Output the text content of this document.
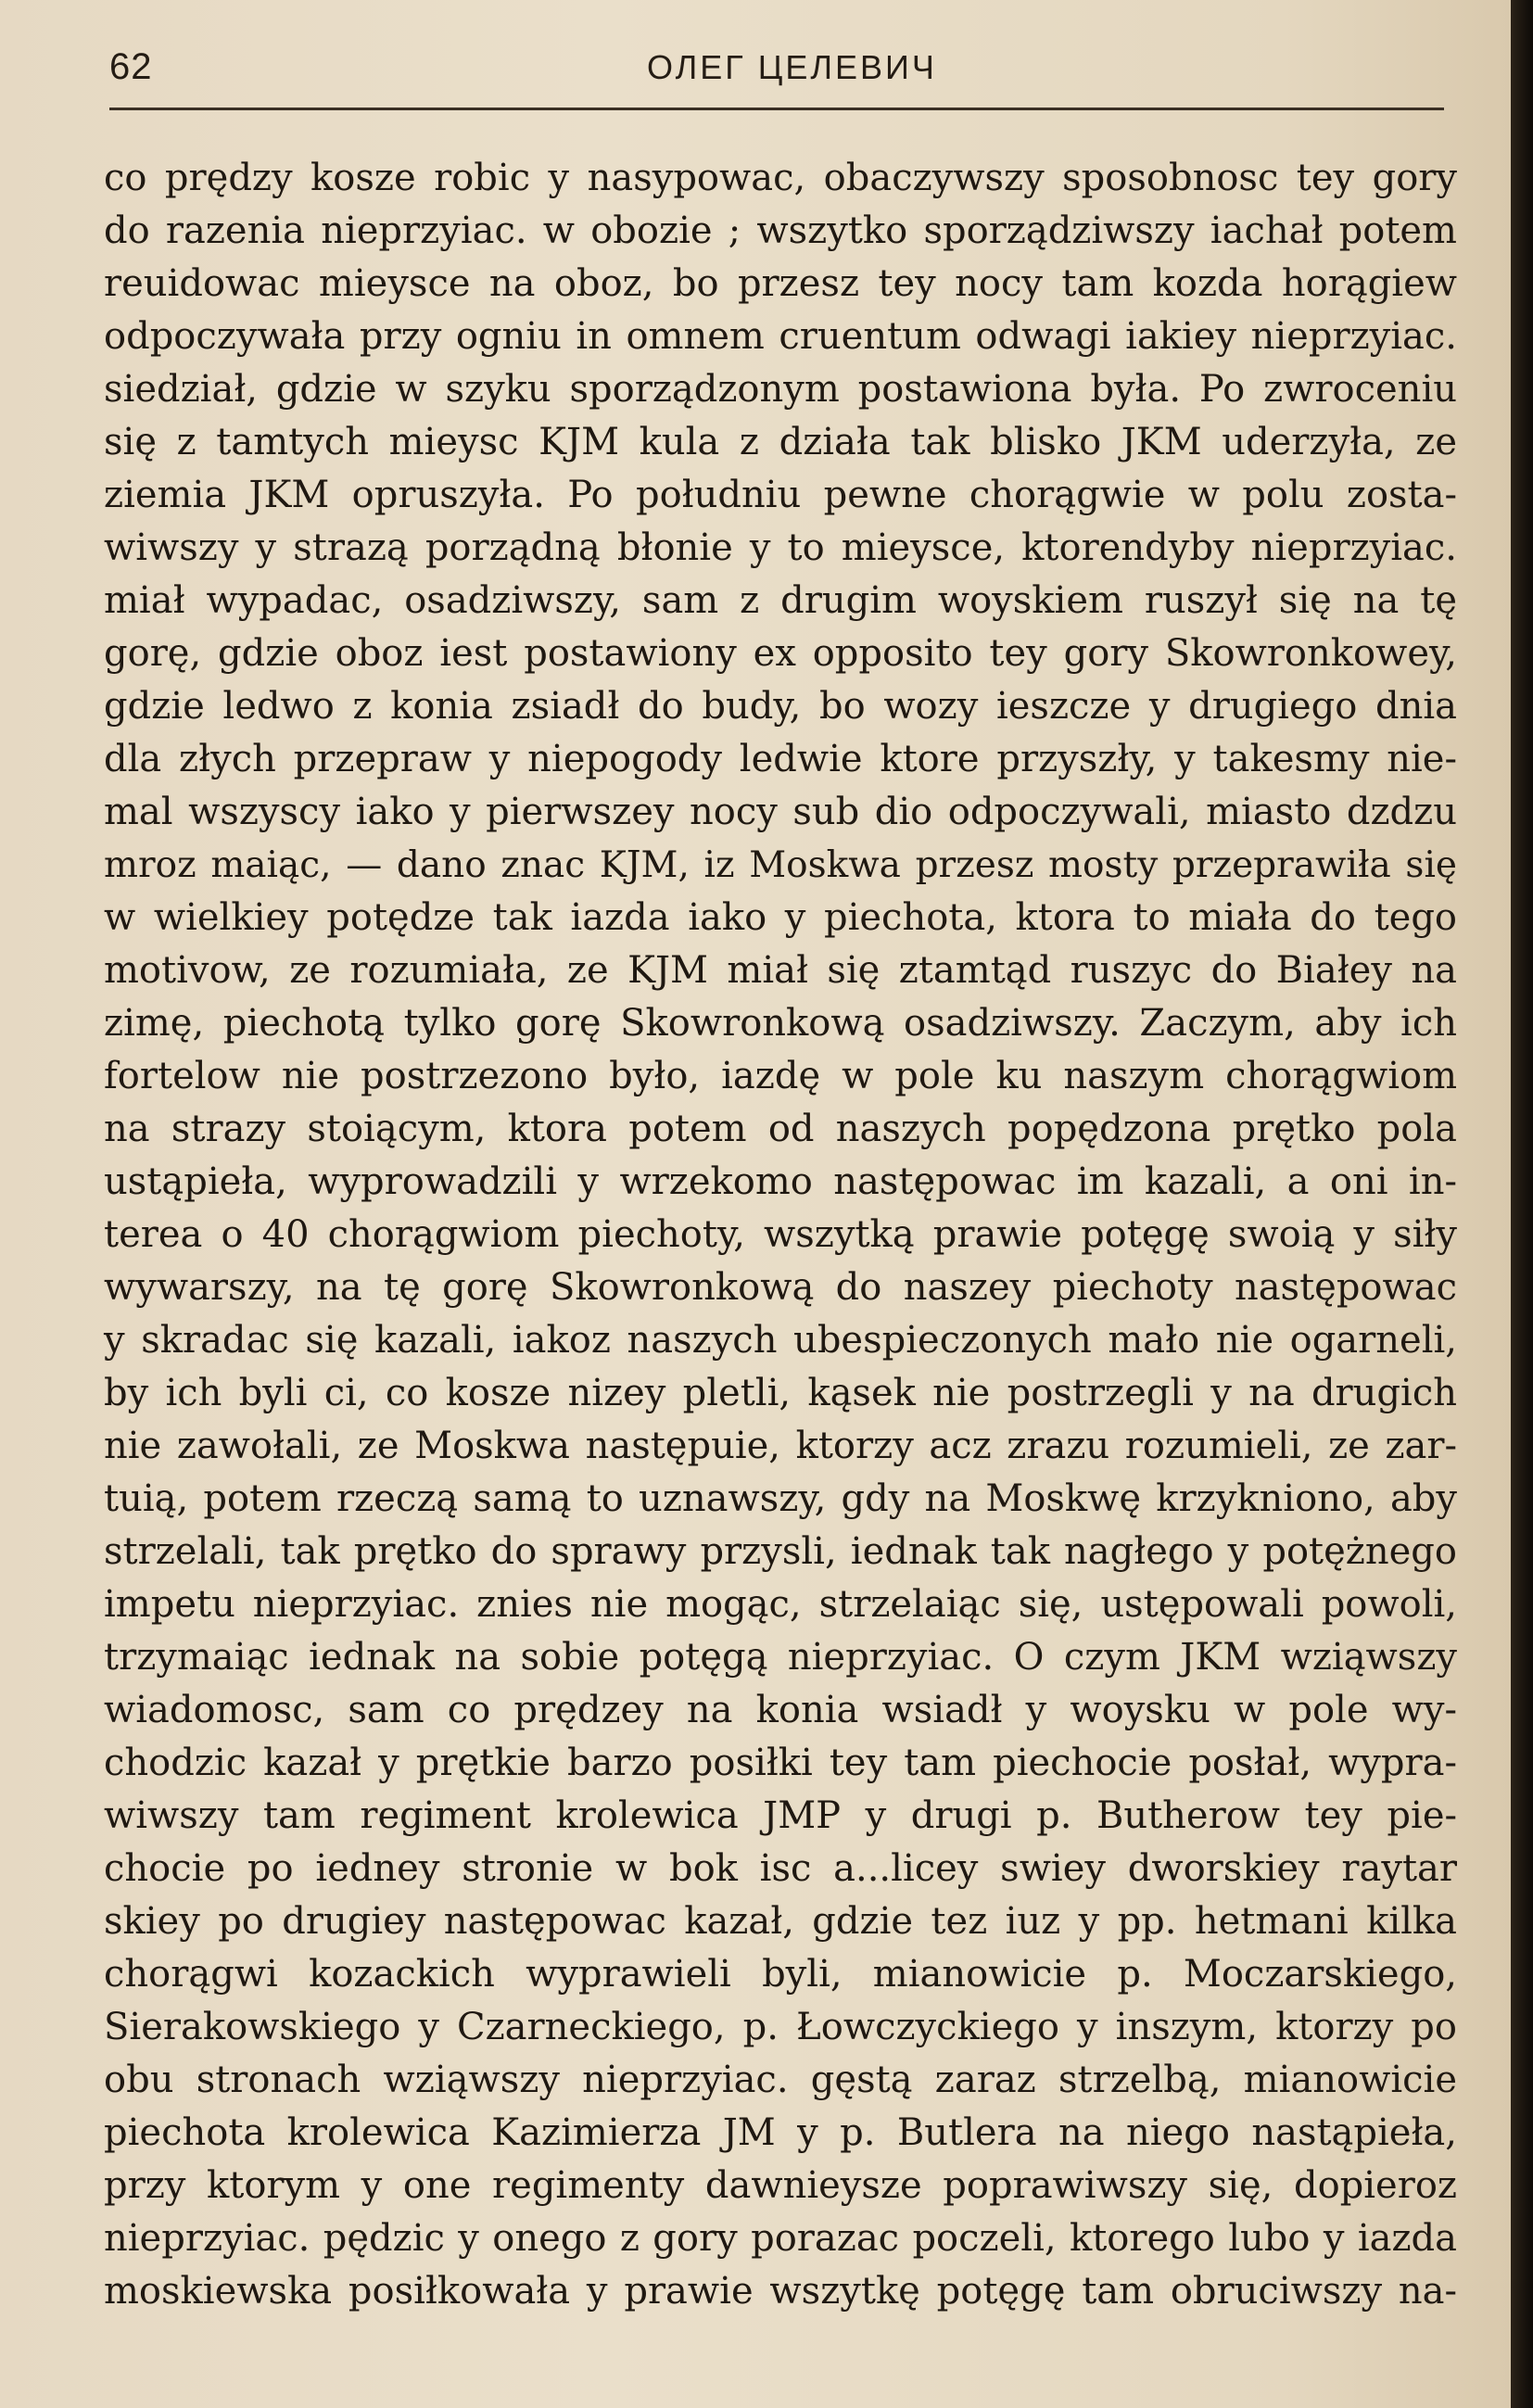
62	ОЛЕГ ЦЕЛЕВИЧ
co prędzy kosze robic y nasypowac, obaczywszy sposobnosc tey gory
do razenia nieprzyiac. w obozie ; wszytko sporządziwszy iachał potem
reuidowac mieysce na oboz, bo przesz tey nocy tam kozda horągiew
odpoczywała przy ogniu in omnem cruentum odwagi iakiey nieprzyiac.
siedział, gdzie w szyku sporządzonym postawiona była. Po zwroceniu
się z tamtych mieysc KJM kula z działa tak blisko JKM uderzyła, ze
ziemia JKM opruszyła. Po południu pewne chorągwie w polu zosta-
wiwszy y strazą porządną błonie y to mieysce, ktorendyby nieprzyiac.
miał wypadac, osadziwszy, sam z drugim woyskiem ruszył się na tę
gorę, gdzie oboz iest postawiony ex opposito tey gory Skowronkowey,
gdzie ledwo z konia zsiadł do budy, bo wozy ieszcze y drugiego dnia
dla złych przepraw y niepogody ledwie ktore przyszły, y takesmy nie-
mal wszyscy iako y pierwszey nocy sub dio odpoczywali, miasto dzdzu
mroz maiąc, — dano znac KJM, iz Moskwa przesz mosty przeprawiła się
w wielkiey potędze tak iazda iako y piechota, ktora to miała do tego
motivow, ze rozumiała, ze KJM miał się ztamtąd ruszyc do Białey na
zimę, piechotą tylko gorę Skowronkową osadziwszy. Zaczym, aby ich
fortelow nie postrzezono było, iazdę w pole ku naszym chorągwiom
na strazy stoiącym, ktora potem od naszych popędzona prętko pola
ustąpieła, wyprowadzili y wrzekomo następowac im kazali, a oni in-
terea o 40 chorągwiom piechoty, wszytką prawie potęgę swoią y siły
wywarszy, na tę gorę Skowronkową do naszey piechoty następowac
y skradac się kazali, iakoz naszych ubespieczonych mało nie ogarneli,
by ich byli ci, co kosze nizey pletli, kąsek nie postrzegli y na drugich
nie zawołali, ze Moskwa następuie, ktorzy acz zrazu rozumieli, ze zar-
tuią, potem rzeczą samą to uznawszy, gdy na Moskwę krzykniono, aby
strzelali, tak prętko do sprawy przysli, iednak tak nagłego y potężnego
impetu nieprzyiac. znies nie mogąc, strzelaiąc się, ustępowali powoli,
trzymaiąc iednak na sobie potęgą nieprzyiac. O czym JKM wziąwszy
wiadomosc, sam co prędzey na konia wsiadł y woysku w pole wy-
chodzic kazał y prętkie barzo posiłki tey tam piechocie posłał, wypra-
wiwszy tam regiment krolewica JMP y drugi p. Butherow tey pie-
chocie po iedney stronie w bok isc a...licey swiey dworskiey raytar
skiey po drugiey następowac kazał, gdzie tez iuz y pp. hetmani kilka
chorągwi kozackich wyprawieli byli, mianowicie p. Moczarskiego,
Sierakowskiego y Czarneckiego, p. Łowczyckiego y inszym, ktorzy po
obu stronach wziąwszy nieprzyiac. gęstą zaraz strzelbą, mianowicie
piechota krolewica Kazimierza JM y p. Butlera na niego nastąpieła,
przy ktorym y one regimenty dawnieysze poprawiwszy się, dopieroz
nieprzyiac. pędzic y onego z gory porazac poczeli, ktorego lubo y iazda
moskiewska posiłkowała y prawie wszytkę potęgę tam obruciwszy na-
